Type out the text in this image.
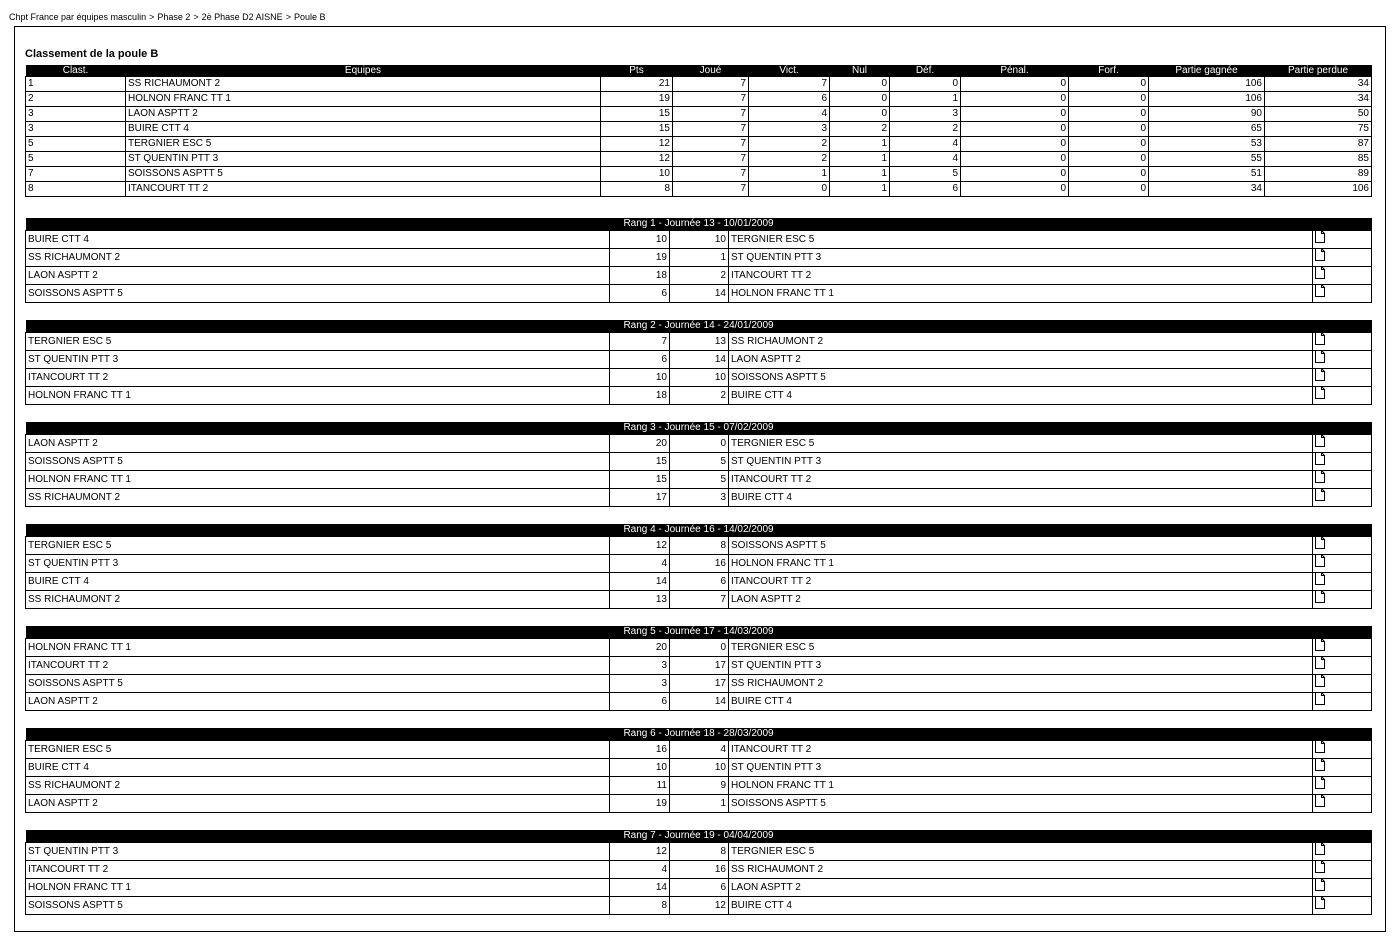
Chpt France par équipes masculin > Phase 2 > 2è Phase D2 AISNE > Poule B
Classement de la poule B
Clast.	Equipes	Pts	Joué	Vict.	Nul	Déf.	Pénal.	Forf.	Partie gagnée	Partie perdue
1	SS RICHAUMONT 2	21	7	7	0	0	0	0	106	34
2	HOLNON FRANC TT 1	19	7	6	0	1	0	0	106	34
3	LAON ASPTT 2	15	7	4	0	3	0	0	90	50
3	BUIRE CTT 4	15	7	3	2	2	0	0	65	75
5	TERGNIER ESC 5	12	7	2	1	4	0	0	53	87
5	ST QUENTIN PTT 3	12	7	2	1	4	0	0	55	85
7	SOISSONS ASPTT 5	10	7	1	1	5	0	0	51	89
8	ITANCOURT TT 2	8	7	0	1	6	0	0	34	106
Rang 1 - Journée 13 - 10/01/2009				
BUIRE CTT 4	10	10	TERGNIER ESC 5	
SS RICHAUMONT 2	19	1	ST QUENTIN PTT 3	
LAON ASPTT 2	18	2	ITANCOURT TT 2	
SOISSONS ASPTT 5	6	14	HOLNON FRANC TT 1	
Rang 2 - Journée 14 - 24/01/2009				
TERGNIER ESC 5	7	13	SS RICHAUMONT 2	
ST QUENTIN PTT 3	6	14	LAON ASPTT 2	
ITANCOURT TT 2	10	10	SOISSONS ASPTT 5	
HOLNON FRANC TT 1	18	2	BUIRE CTT 4	
Rang 3 - Journée 15 - 07/02/2009				
LAON ASPTT 2	20	0	TERGNIER ESC 5	
SOISSONS ASPTT 5	15	5	ST QUENTIN PTT 3	
HOLNON FRANC TT 1	15	5	ITANCOURT TT 2	
SS RICHAUMONT 2	17	3	BUIRE CTT 4	
Rang 4 - Journée 16 - 14/02/2009				
TERGNIER ESC 5	12	8	SOISSONS ASPTT 5	
ST QUENTIN PTT 3	4	16	HOLNON FRANC TT 1	
BUIRE CTT 4	14	6	ITANCOURT TT 2	
SS RICHAUMONT 2	13	7	LAON ASPTT 2	
Rang 5 - Journée 17 - 14/03/2009				
HOLNON FRANC TT 1	20	0	TERGNIER ESC 5	
ITANCOURT TT 2	3	17	ST QUENTIN PTT 3	
SOISSONS ASPTT 5	3	17	SS RICHAUMONT 2	
LAON ASPTT 2	6	14	BUIRE CTT 4	
Rang 6 - Journée 18 - 28/03/2009				
TERGNIER ESC 5	16	4	ITANCOURT TT 2	
BUIRE CTT 4	10	10	ST QUENTIN PTT 3	
SS RICHAUMONT 2	11	9	HOLNON FRANC TT 1	
LAON ASPTT 2	19	1	SOISSONS ASPTT 5	
Rang 7 - Journée 19 - 04/04/2009				
ST QUENTIN PTT 3	12	8	TERGNIER ESC 5	
ITANCOURT TT 2	4	16	SS RICHAUMONT 2	
HOLNON FRANC TT 1	14	6	LAON ASPTT 2	
SOISSONS ASPTT 5	8	12	BUIRE CTT 4	
